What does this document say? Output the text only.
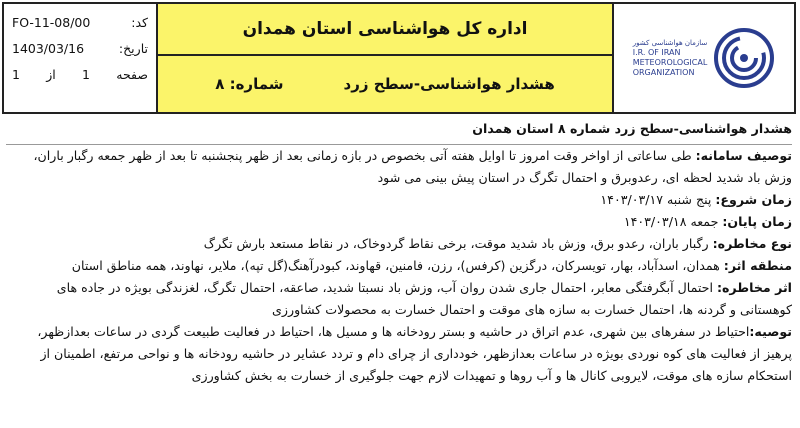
کد:
FO-11-08/00
تاریخ:
1403/03/16
صفحه
1
از
1
اداره کل هواشناسی استان همدان
هشدار هواشناسی-سطح زرد
شماره: ۸
سازمان هواشناسی کشور
I.R. OF IRAN
METEOROLOGICAL
ORGANIZATION

هشدار هواشناسی-سطح زرد شماره ۸ استان همدان

توصیف سامانه: طی ساعاتی از اواخر وقت امروز تا اوایل هفته آتی بخصوص در بازه زمانی بعد از ظهر پنجشنبه تا بعد از ظهر جمعه رگبار باران، وزش باد شدید لحظه ای، رعدوبرق و احتمال تگرگ در استان پیش بینی می شود

زمان شروع: پنج شنبه ۱۴۰۳/۰۳/۱۷

زمان پایان: جمعه ۱۴۰۳/۰۳/۱۸

نوع مخاطره: رگبار باران، رعدو برق، وزش باد شدید موقت، برخی نقاط گردوخاک، در نقاط مستعد بارش تگرگ

منطقه اثر: همدان، اسدآباد، بهار، تویسرکان، درگزین (کرفس)، رزن، فامنین، قهاوند، کبودرآهنگ(گل تپه)، ملایر، نهاوند، همه مناطق استان

اثر مخاطره: احتمال آبگرفتگی معابر، احتمال جاری شدن روان آب، وزش باد نسبتا شدید، صاعقه، احتمال تگرگ، لغزندگی بویژه در جاده های کوهستانی و گردنه ها، احتمال خسارت به سازه های موقت و احتمال خسارت به محصولات کشاورزی

توصیه:احتیاط در سفرهای بین شهری، عدم اتراق در حاشیه و بستر رودخانه ها و مسیل ها، احتیاط در فعالیت طبیعت گردی در ساعات بعدازظهر، پرهیز از فعالیت های کوه نوردی بویژه در ساعات بعدازظهر، خودداری از چرای دام و تردد عشایر در حاشیه رودخانه ها و نواحی مرتفع، اطمینان از استحکام سازه های موقت، لایروبی کانال ها و آب روها و تمهیدات لازم جهت جلوگیری از خسارت به بخش کشاورزی
